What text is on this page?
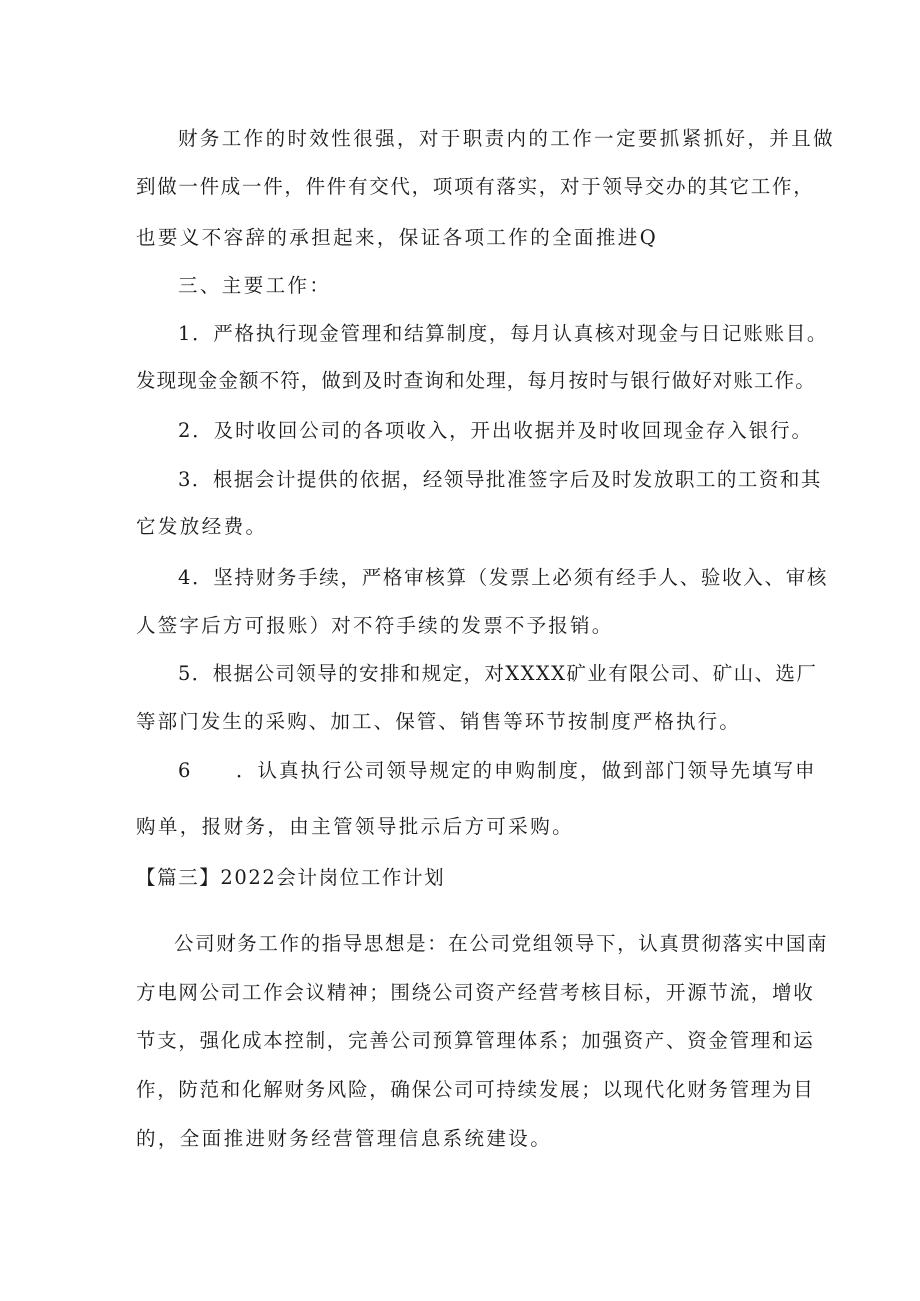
财务工作的时效性很强，对于职责内的工作一定要抓紧抓好，并且做
到做一件成一件，件件有交代，项项有落实，对于领导交办的其它工作，
也要义不容辞的承担起来，保证各项工作的全面推进Q
三、主要工作：
1．严格执行现金管理和结算制度，每月认真核对现金与日记账账目。
发现现金金额不符，做到及时查询和处理，每月按时与银行做好对账工作。
2．及时收回公司的各项收入，开出收据并及时收回现金存入银行。
3．根据会计提供的依据，经领导批准签字后及时发放职工的工资和其
它发放经费。
4．坚持财务手续，严格审核算（发票上必须有经手人、验收入、审核
人签字后方可报账）对不符手续的发票不予报销。
5．根据公司领导的安排和规定，对XXXX矿业有限公司、矿山、选厂
等部门发生的采购、加工、保管、销售等环节按制度严格执行。
6 ．认真执行公司领导规定的申购制度，做到部门领导先填写申
购单，报财务，由主管领导批示后方可采购。
【篇三】2022会计岗位工作计划
公司财务工作的指导思想是：在公司党组领导下，认真贯彻落实中国南
方电网公司工作会议精神；围绕公司资产经营考核目标，开源节流，增收
节支，强化成本控制，完善公司预算管理体系；加强资产、资金管理和运
作，防范和化解财务风险，确保公司可持续发展；以现代化财务管理为目
的，全面推进财务经营管理信息系统建设。
